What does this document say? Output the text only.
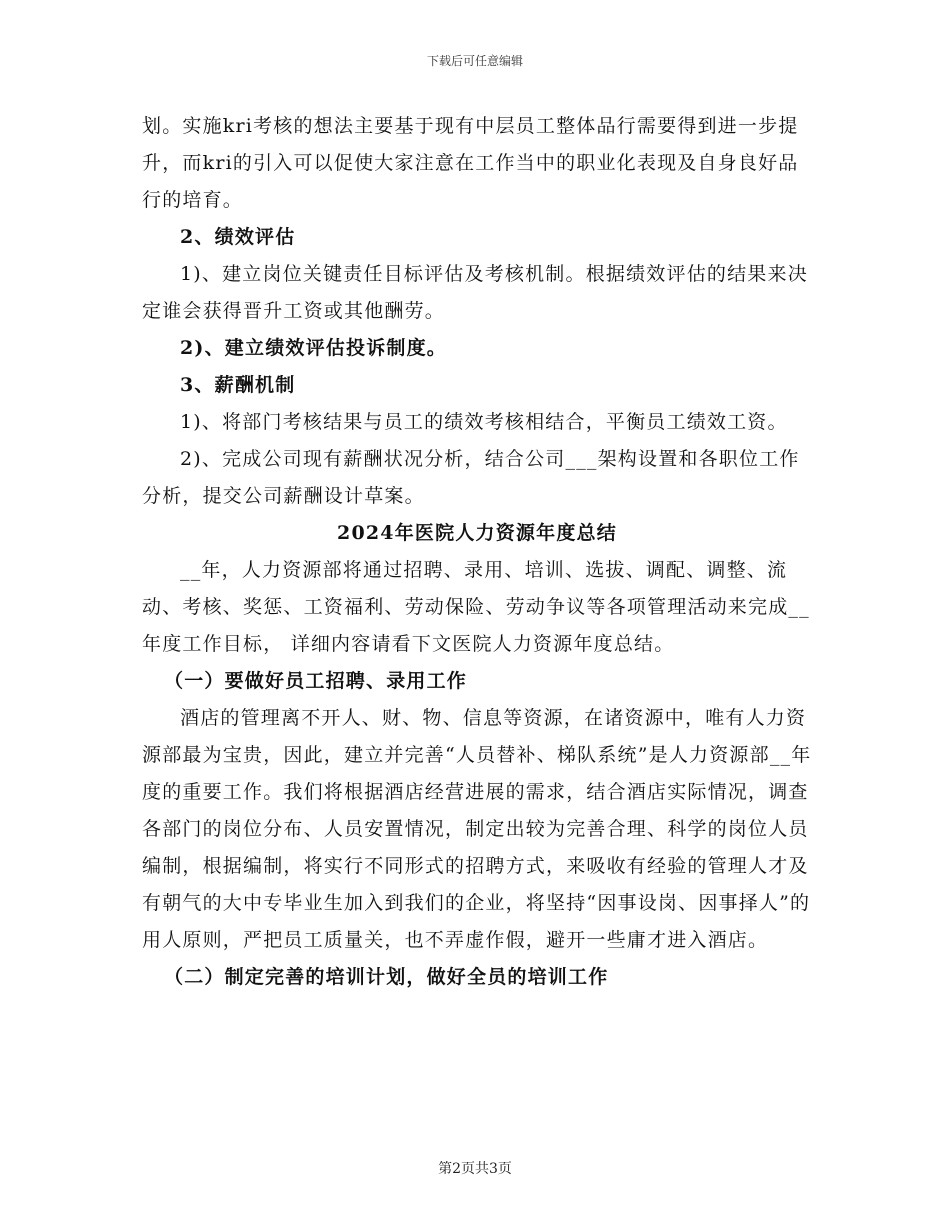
下载后可任意编辑

划。实施kri考核的想法主要基于现有中层员工整体品行需要得到进一步提升，而kri的引入可以促使大家注意在工作当中的职业化表现及自身良好品行的培育。

2、绩效评估

1)、建立岗位关键责任目标评估及考核机制。根据绩效评估的结果来决定谁会获得晋升工资或其他酬劳。

2)、建立绩效评估投诉制度。

3、薪酬机制

1)、将部门考核结果与员工的绩效考核相结合，平衡员工绩效工资。

2)、完成公司现有薪酬状况分析，结合公司___架构设置和各职位工作分析，提交公司薪酬设计草案。

2024年医院人力资源年度总结

__年，人力资源部将通过招聘、录用、培训、选拔、调配、调整、流动、考核、奖惩、工资福利、劳动保险、劳动争议等各项管理活动来完成__年度工作目标， 详细内容请看下文医院人力资源年度总结。

（一）要做好员工招聘、录用工作

酒店的管理离不开人、财、物、信息等资源，在诸资源中，唯有人力资源部最为宝贵，因此，建立并完善“人员替补、梯队系统”是人力资源部__年度的重要工作。我们将根据酒店经营进展的需求，结合酒店实际情况，调查各部门的岗位分布、人员安置情况，制定出较为完善合理、科学的岗位人员编制，根据编制，将实行不同形式的招聘方式，来吸收有经验的管理人才及有朝气的大中专毕业生加入到我们的企业，将坚持“因事设岗、因事择人”的用人原则，严把员工质量关，也不弄虚作假，避开一些庸才进入酒店。

（二）制定完善的培训计划，做好全员的培训工作

第2页共3页
